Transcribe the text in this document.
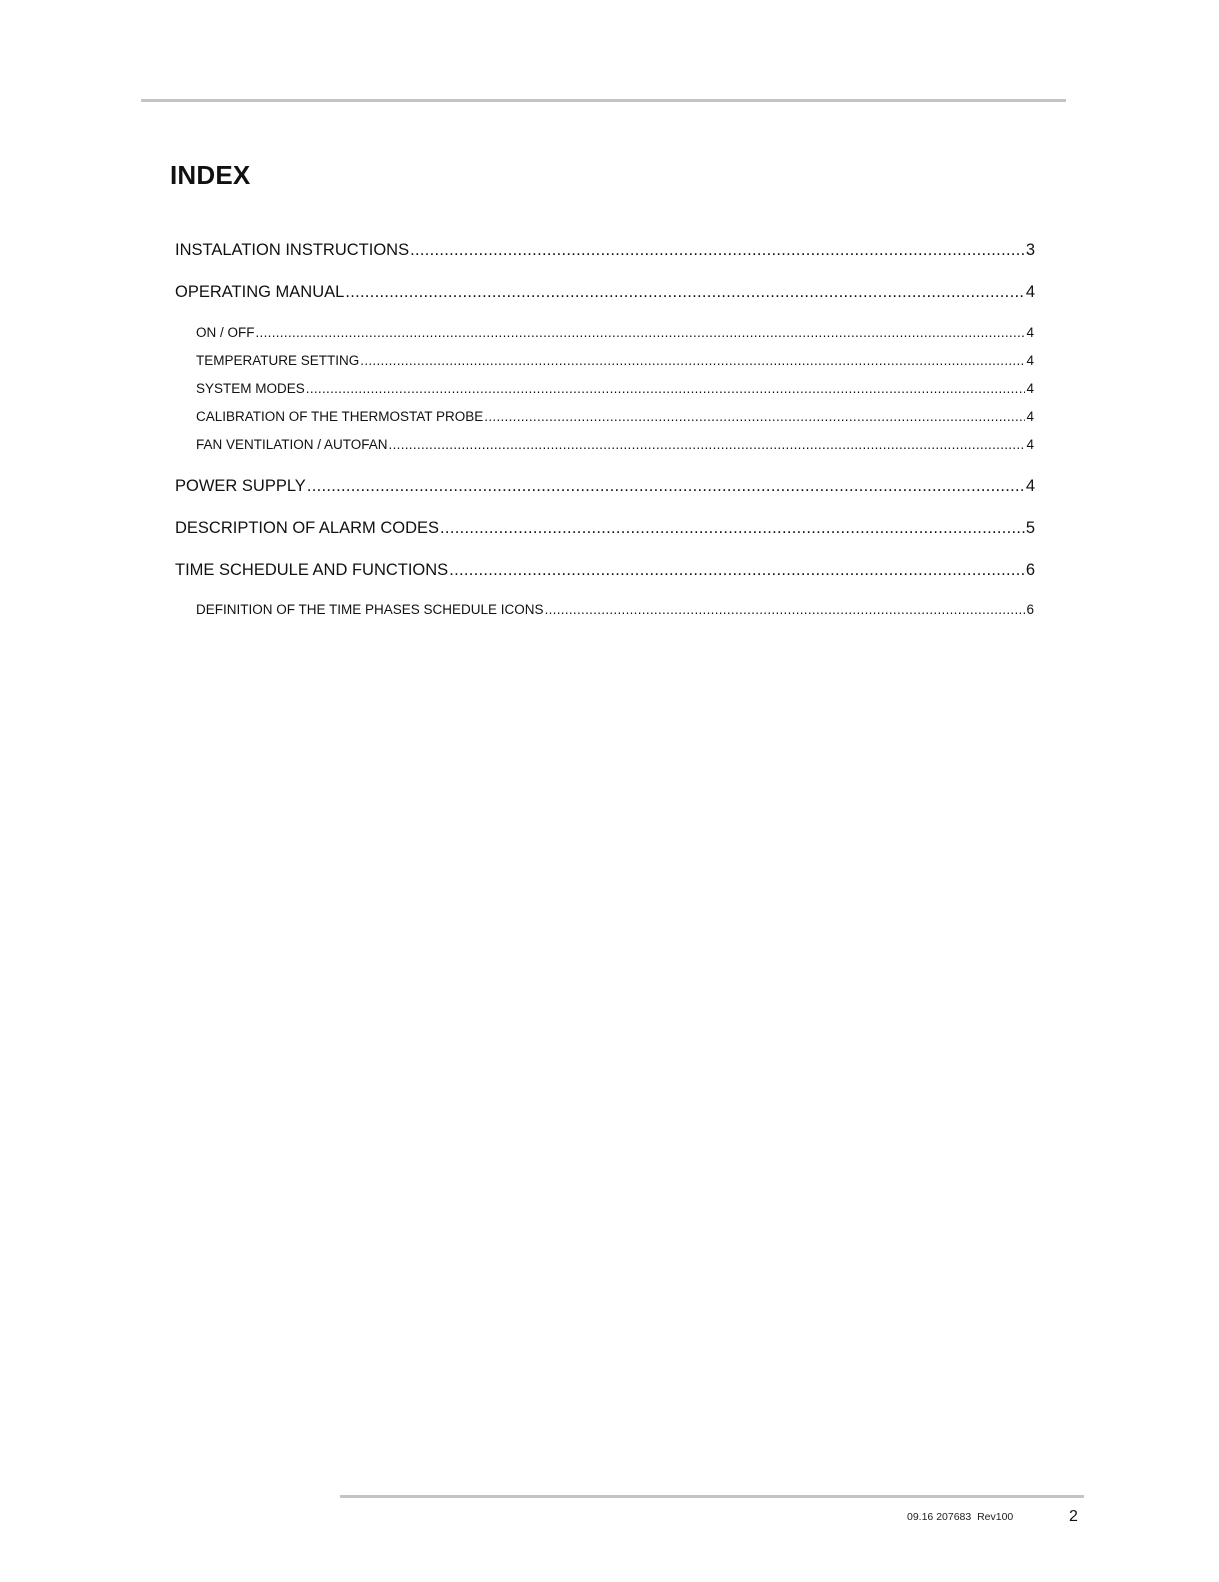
INDEX
INSTALATION INSTRUCTIONS .....	3
OPERATING MANUAL .....	4
ON / OFF .....	4
TEMPERATURE SETTING .....	4
SYSTEM MODES .....	4
CALIBRATION OF THE THERMOSTAT PROBE .....	4
FAN VENTILATION / AUTOFAN .....	4
POWER SUPPLY .....	4
DESCRIPTION OF ALARM CODES .....	5
TIME SCHEDULE AND FUNCTIONS .....	6
DEFINITION OF THE TIME PHASES SCHEDULE ICONS .....	6
09.16 207683  Rev100	2
